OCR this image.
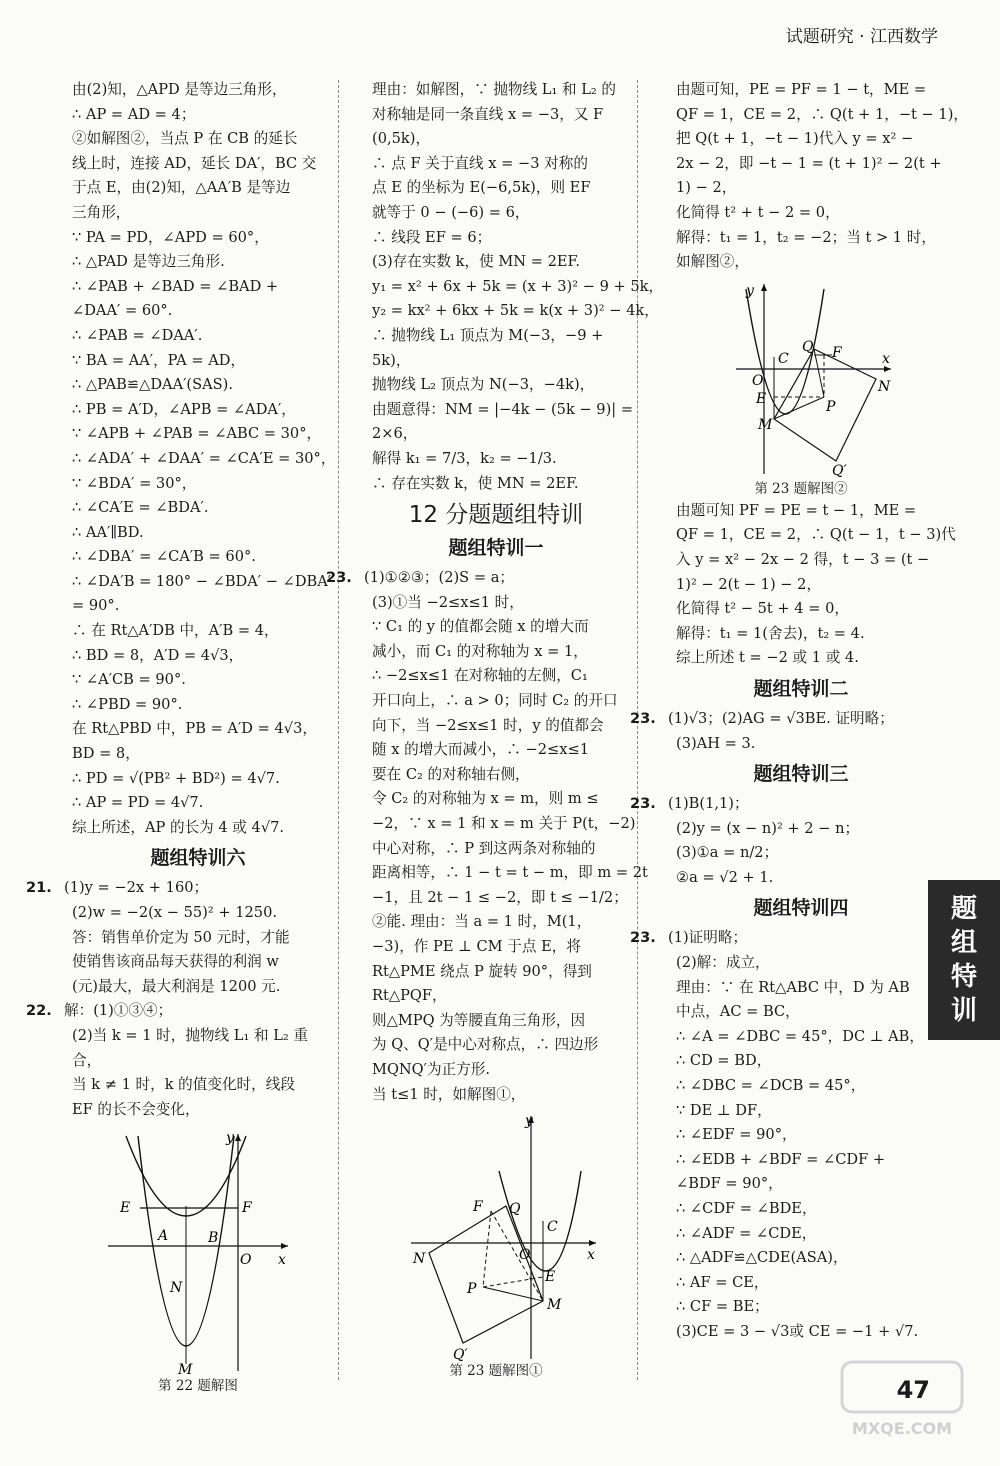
试题研究 · 江西数学
由(2)知，△APD 是等边三角形，
∴ AP = AD = 4；
②如解图②，当点 P 在 CB 的延长
线上时，连接 AD，延长 DA′，BC 交
于点 E，由(2)知，△AA′B 是等边
三角形，
∵ PA = PD，∠APD = 60°，
∴ △PAD 是等边三角形.
∴ ∠PAB + ∠BAD = ∠BAD +
∠DAA′ = 60°.
∴ ∠PAB = ∠DAA′.
∵ BA = AA′，PA = AD，
∴ △PAB≌△DAA′(SAS).
∴ PB = A′D，∠APB = ∠ADA′，
∵ ∠APB + ∠PAB = ∠ABC = 30°，
∴ ∠ADA′ + ∠DAA′ = ∠CA′E = 30°，
∵ ∠BDA′ = 30°，
∴ ∠CA′E = ∠BDA′.
∴ AA′∥BD.
∴ ∠DBA′ = ∠CA′B = 60°.
∴ ∠DA′B = 180° − ∠BDA′ − ∠DBA′
= 90°.
∴ 在 Rt△A′DB 中，A′B = 4，
∴ BD = 8，A′D = 4√3，
∵ ∠A′CB = 90°.
∴ ∠PBD = 90°.
在 Rt△PBD 中，PB = A′D = 4√3，
BD = 8，
∴ PD = √(PB² + BD²) = 4√7.
∴ AP = PD = 4√7.
综上所述，AP 的长为 4 或 4√7.
题组特训六
21. (1)y = −2x + 160；
(2)w = −2(x − 55)² + 1250.
答：销售单价定为 50 元时，才能
使销售该商品每天获得的利润 w
(元)最大，最大利润是 1200 元.
22. 解：(1)①③④；
(2)当 k = 1 时，抛物线 L₁ 和 L₂ 重
合，
当 k ≠ 1 时，k 的值变化时，线段
EF 的长不会变化，
E	F
A	B
O x
y
N
M
第 22 题解图
理由：如解图，∵ 抛物线 L₁ 和 L₂ 的
对称轴是同一条直线 x = −3，又 F
(0,5k)，
∴ 点 F 关于直线 x = −3 对称的
点 E 的坐标为 E(−6,5k)，则 EF
就等于 0 − (−6) = 6，
∴ 线段 EF = 6；
(3)存在实数 k，使 MN = 2EF.
y₁ = x² + 6x + 5k = (x + 3)² − 9 + 5k，
y₂ = kx² + 6kx + 5k = k(x + 3)² − 4k，
∴ 抛物线 L₁ 顶点为 M(−3，−9 +
5k)，
抛物线 L₂ 顶点为 N(−3，−4k)，
由题意得：NM = |−4k − (5k − 9)| =
2×6，
解得 k₁ = 7/3，k₂ = −1/3.
∴ 存在实数 k，使 MN = 2EF.
12 分题题组特训
题组特训一
23. (1)①②③；(2)S = a；
(3)①当 −2≤x≤1 时，
∵ C₁ 的 y 的值都会随 x 的增大而
减小，而 C₁ 的对称轴为 x = 1，
∴ −2≤x≤1 在对称轴的左侧，C₁
开口向上，∴ a > 0；同时 C₂ 的开口
向下，当 −2≤x≤1 时，y 的值都会
随 x 的增大而减小，∴ −2≤x≤1
要在 C₂ 的对称轴右侧，
令 C₂ 的对称轴为 x = m，则 m ≤
−2，∵ x = 1 和 x = m 关于 P(t，−2)
中心对称，∴ P 到这两条对称轴的
距离相等，∴ 1 − t = t − m，即 m = 2t
−1，且 2t − 1 ≤ −2，即 t ≤ −1/2；
②能. 理由：当 a = 1 时，M(1，
−3)，作 PE ⊥ CM 于点 E，将
Rt△PME 绕点 P 旋转 90°，得到
Rt△PQF，
则△MPQ 为等腰直角三角形，因
为 Q、Q′是中心对称点，∴ 四边形
MQNQ′为正方形.
当 t≤1 时，如解图①，
y
F Q
C
N	O	x
P
E
M
Q′
第 23 题解图①
由题可知，PE = PF = 1 − t，ME =
QF = 1，CE = 2，∴ Q(t + 1，−t − 1)，
把 Q(t + 1，−t − 1)代入 y = x² −
2x − 2，即 −t − 1 = (t + 1)² − 2(t +
1) − 2，
化简得 t² + t − 2 = 0，
解得：t₁ = 1，t₂ = −2；当 t > 1 时，
如解图②，
y
Q
C	F	x
O	N
E	P
M
Q′
第 23 题解图②
由题可知 PF = PE = t − 1，ME =
QF = 1，CE = 2，∴ Q(t − 1，t − 3)代
入 y = x² − 2x − 2 得，t − 3 = (t −
1)² − 2(t − 1) − 2，
化简得 t² − 5t + 4 = 0，
解得：t₁ = 1(舍去)，t₂ = 4.
综上所述 t = −2 或 1 或 4.
题组特训二
23. (1)√3；(2)AG = √3BE. 证明略；
(3)AH = 3.
题组特训三
23. (1)B(1,1)；
(2)y = (x − n)² + 2 − n；
(3)①a = n/2；
②a = √2 + 1.
题组特训四
23. (1)证明略；
(2)解：成立，
理由：∵ 在 Rt△ABC 中，D 为 AB
中点，AC = BC，
∴ ∠A = ∠DBC = 45°，DC ⊥ AB，
∴ CD = BD，
∴ ∠DBC = ∠DCB = 45°，
∵ DE ⊥ DF，
∴ ∠EDF = 90°，
∴ ∠EDB + ∠BDF = ∠CDF +
∠BDF = 90°，
∴ ∠CDF = ∠BDE，
∴ ∠ADF = ∠CDE，
∴ △ADF≌△CDE(ASA)，
∴ AF = CE，
∴ CF = BE；
(3)CE = 3 − √3或 CE = −1 + √7.
题
组
特
训
47
MXQE.COM
